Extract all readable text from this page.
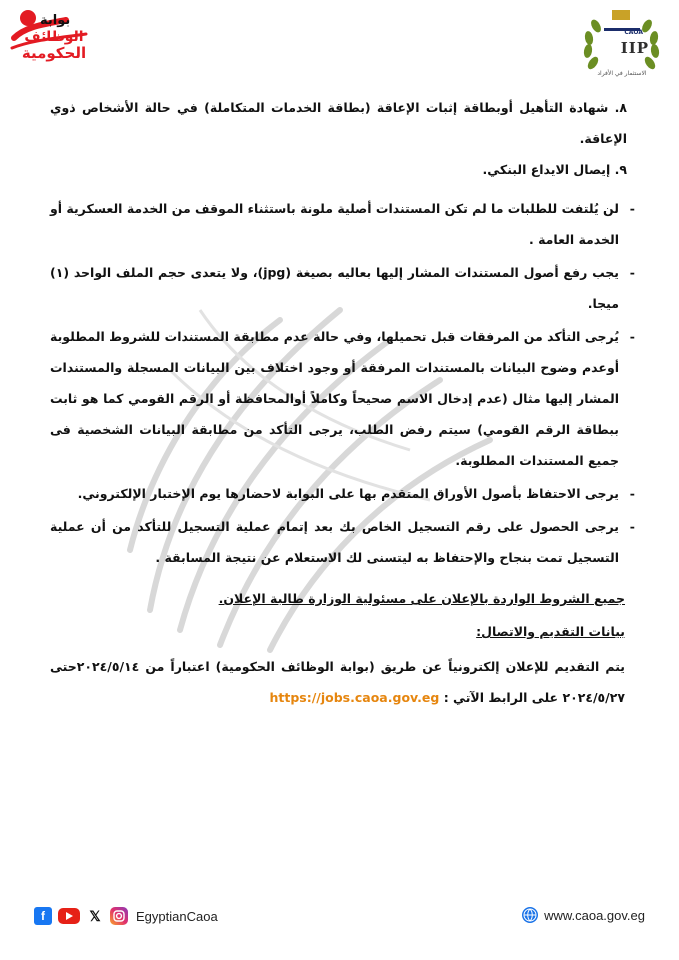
بوابة
الوظائف
الحكومية
CAOA
IIP
الاستثمار في الأفراد
٨. شهادة التأهيل أوبطاقة إثبات الإعاقة (بطاقة الخدمات المتكاملة) في حالة الأشخاص ذوي الإعاقة.
٩. إيصال الايداع البنكي.
-
لن يُلتفت للطلبات ما لم تكن المستندات أصلية ملونة باستثناء الموقف من الخدمة العسكرية أو الخدمة العامة .
-
يجب رفع أصول المستندات المشار إليها بعاليه بصيغة (jpg)، ولا يتعدى حجم الملف الواحد (١) ميجا.
-
يُرجى التأكد من المرفقات قبل تحميلها، وفي حالة عدم مطابقة المستندات للشروط المطلوبة أوعدم وضوح البيانات بالمستندات المرفقة أو وجود اختلاف بين البيانات المسجلة والمستندات المشار إليها مثال (عدم إدخال الاسم صحيحاً وكاملاً أوالمحافظة أو الرقم القومي كما هو ثابت ببطاقة الرقم القومي) سيتم رفض الطلب، يرجى التأكد من مطابقة البيانات الشخصية فى جميع المستندات المطلوبة.
-
يرجى الاحتفاظ بأصول الأوراق المتقدم بها على البوابة لاحضارها يوم الإختبار الإلكتروني.
-
يرجى الحصول على رقم التسجيل الخاص بك بعد إتمام عملية التسجيل للتأكد من أن عملية التسجيل تمت بنجاح والإحتفاظ به ليتسنى لك الاستعلام عن نتيجة المسابقة .
جميع الشروط الواردة بالإعلان على مسئولية الوزارة طالبة الإعلان.
بيانات التقديم والاتصال:
يتم التقديم للإعلان إلكترونياً عن طريق (بوابة الوظائف الحكومية) اعتباراً من ٢٠٢٤/٥/١٤حتى ٢٠٢٤/٥/٢٧ على الرابط الآتي : https://jobs.caoa.gov.eg
f	𝕏	EgyptianCaoa	www.caoa.gov.eg
